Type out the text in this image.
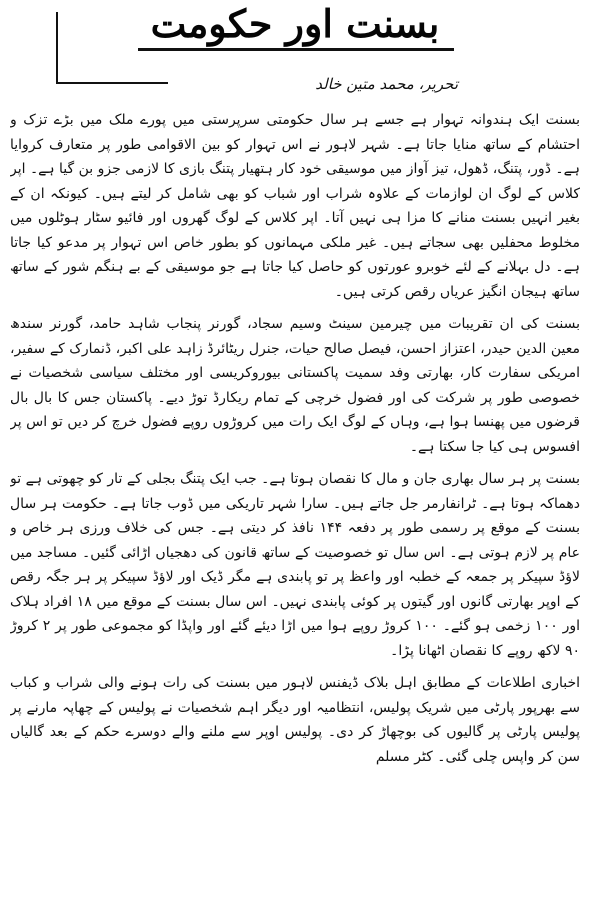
بسنت اور حکومت
تحریر، محمد متین خالد

بسنت ایک ہندوانہ تہوار ہے جسے ہر سال حکومتی سرپرستی میں پورے ملک میں بڑے تزک و احتشام کے ساتھ منایا جاتا ہے۔ شہر لاہور نے اس تہوار کو بین الاقوامی طور پر متعارف کروایا ہے۔ ڈور، پتنگ، ڈھول، تیز آواز میں موسیقی خود کار ہتھیار پتنگ بازی کا لازمی جزو بن گیا ہے۔ اپر کلاس کے لوگ ان لوازمات کے علاوہ شراب اور شباب کو بھی شامل کر لیتے ہیں۔ کیونکہ ان کے بغیر انہیں بسنت منانے کا مزا ہی نہیں آتا۔ اپر کلاس کے لوگ گھروں اور فائیو سٹار ہوٹلوں میں مخلوط محفلیں بھی سجاتے ہیں۔ غیر ملکی مہمانوں کو بطور خاص اس تہوار پر مدعو کیا جاتا ہے۔ دل بہلانے کے لئے خوبرو عورتوں کو حاصل کیا جاتا ہے جو موسیقی کے بے ہنگم شور کے ساتھ ساتھ ہیجان انگیز عریاں رقص کرتی ہیں۔

بسنت کی ان تقریبات میں چیرمین سینٹ وسیم سجاد، گورنر پنجاب شاہد حامد، گورنر سندھ معین الدین حیدر، اعتزاز احسن، فیصل صالح حیات، جنرل ریٹائرڈ زاہد علی اکبر، ڈنمارک کے سفیر، امریکی سفارت کار، بھارتی وفد سمیت پاکستانی بیوروکریسی اور مختلف سیاسی شخصیات نے خصوصی طور پر شرکت کی اور فضول خرچی کے تمام ریکارڈ توڑ دیے۔ پاکستان جس کا بال بال قرضوں میں پھنسا ہوا ہے، وہاں کے لوگ ایک رات میں کروڑوں روپے فضول خرچ کر دیں تو اس پر افسوس ہی کیا جا سکتا ہے۔

بسنت پر ہر سال بھاری جان و مال کا نقصان ہوتا ہے۔ جب ایک پتنگ بجلی کے تار کو چھوتی ہے تو دھماکہ ہوتا ہے۔ ٹرانفارمر جل جاتے ہیں۔ سارا شہر تاریکی میں ڈوب جاتا ہے۔ حکومت ہر سال بسنت کے موقع پر رسمی طور پر دفعہ ۱۴۴ نافذ کر دیتی ہے۔ جس کی خلاف ورزی ہر خاص و عام پر لازم ہوتی ہے۔ اس سال تو خصوصیت کے ساتھ قانون کی دھجیاں اڑائی گئیں۔ مساجد میں لاؤڈ سپیکر پر جمعہ کے خطبہ اور واعظ پر تو پابندی ہے مگر ڈیک اور لاؤڈ سپیکر پر ہر جگہ رقص کے اوپر بھارتی گانوں اور گیتوں پر کوئی پابندی نہیں۔ اس سال بسنت کے موقع میں ۱۸ افراد ہلاک اور ۱۰۰ زخمی ہو گئے۔ ۱۰۰ کروڑ روپے ہوا میں اڑا دیئے گئے اور واپڈا کو مجموعی طور پر ۲ کروڑ ۹۰ لاکھ روپے کا نقصان اٹھانا پڑا۔

اخباری اطلاعات کے مطابق اہل بلاک ڈیفنس لاہور میں بسنت کی رات ہونے والی شراب و کباب سے بھرپور پارٹی میں شریک پولیس، انتظامیہ اور دیگر اہم شخصیات نے پولیس کے چھاپہ مارنے پر پولیس پارٹی پر گالیوں کی بوچھاڑ کر دی۔ پولیس اوپر سے ملنے والے دوسرے حکم کے بعد گالیاں سن کر واپس چلی گئی۔ کٹر مسلم
